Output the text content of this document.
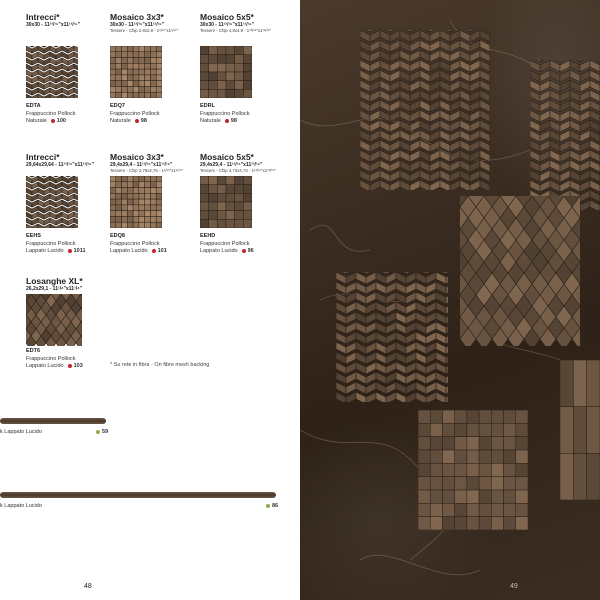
Intrecci*
30x30 - 11¹³/¹⁶”x11¹³/¹⁶”
EDTA
Frappuccino Pollock
Naturale 100
Mosaico 3x3*
30x30 - 11¹³/¹⁶”x11¹³/¹⁶”
Tessere - Chip 2,8x2,8 - 1¹/¹⁶”x1¹/¹⁶”
EDQ7
Frappuccino Pollock
Naturale 98
Mosaico 5x5*
30x30 - 11¹³/¹⁶”x11¹³/¹⁶”
Tessere - Chip 4,8x4,8 - 1¹³/¹⁶”x1¹³/¹⁶”
EDRL
Frappuccino Pollock
Naturale 98
Intrecci*
29,64x29,64 - 11¹³/¹⁶”x11¹³/¹⁶”
EEHS
Frappuccino Pollock
Lappato Lucido 1011
Mosaico 3x3*
29,4x29,4 - 11¹³/¹⁶”x11¹³/¹⁶”
Tessere - Chip 2,76x2,76 - 1¹/¹⁶”x1¹/¹⁶”
EDQ8
Frappuccino Pollock
Lappato Lucido 101
Mosaico 5x5*
29,4x29,4 - 11¹³/¹⁶”x11¹³/¹⁶”
Tessere - Chip 4,73x4,73 - 1¹³/¹⁶”x1¹³/¹⁶”
EEHD
Frappuccino Pollock
Lappato Lucido 96
Losanghe XL*
26,2x29,1 - 11¹/⁴”x11¹/⁴”
EDT6
Frappuccino Pollock
Lappato Lucido 103	* Su rete in fibra - On fibre mesh backing
k Lappato Lucido	59
k Lappato Lucido	86
48	49
